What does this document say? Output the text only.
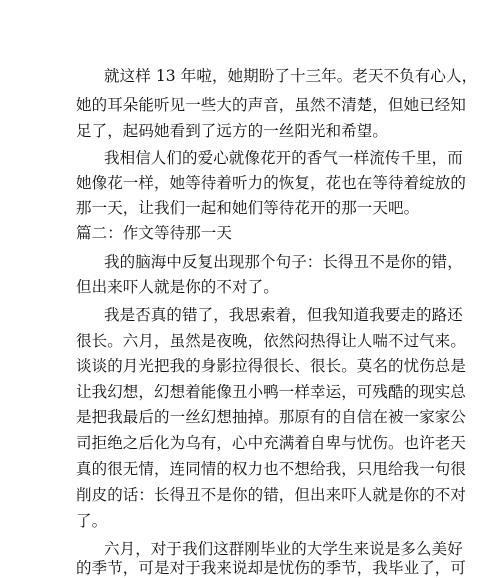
就这样 13 年啦，她期盼了十三年。老天不负有心人，
她的耳朵能听见一些大的声音，虽然不清楚，但她已经知
足了，起码她看到了远方的一丝阳光和希望。
我相信人们的爱心就像花开的香气一样流传千里，而
她像花一样，她等待着听力的恢复，花也在等待着绽放的
那一天，让我们一起和她们等待花开的那一天吧。
篇二：作文等待那一天
我的脑海中反复出现那个句子：长得丑不是你的错，
但出来吓人就是你的不对了。
我是否真的错了，我思索着，但我知道我要走的路还
很长。六月，虽然是夜晚，依然闷热得让人喘不过气来。
谈谈的月光把我的身影拉得很长、很长。莫名的忧伤总是
让我幻想，幻想着能像丑小鸭一样幸运，可残酷的现实总
是把我最后的一丝幻想抽掉。那原有的自信在被一家家公
司拒绝之后化为乌有，心中充满着自卑与忧伤。也许老天
真的很无情，连同情的权力也不想给我，只甩给我一句很
削皮的话：长得丑不是你的错，但出来吓人就是你的不对
了。
六月，对于我们这群刚毕业的大学生来说是多么美好
的季节，可是对于我来说却是忧伤的季节，我毕业了，可
